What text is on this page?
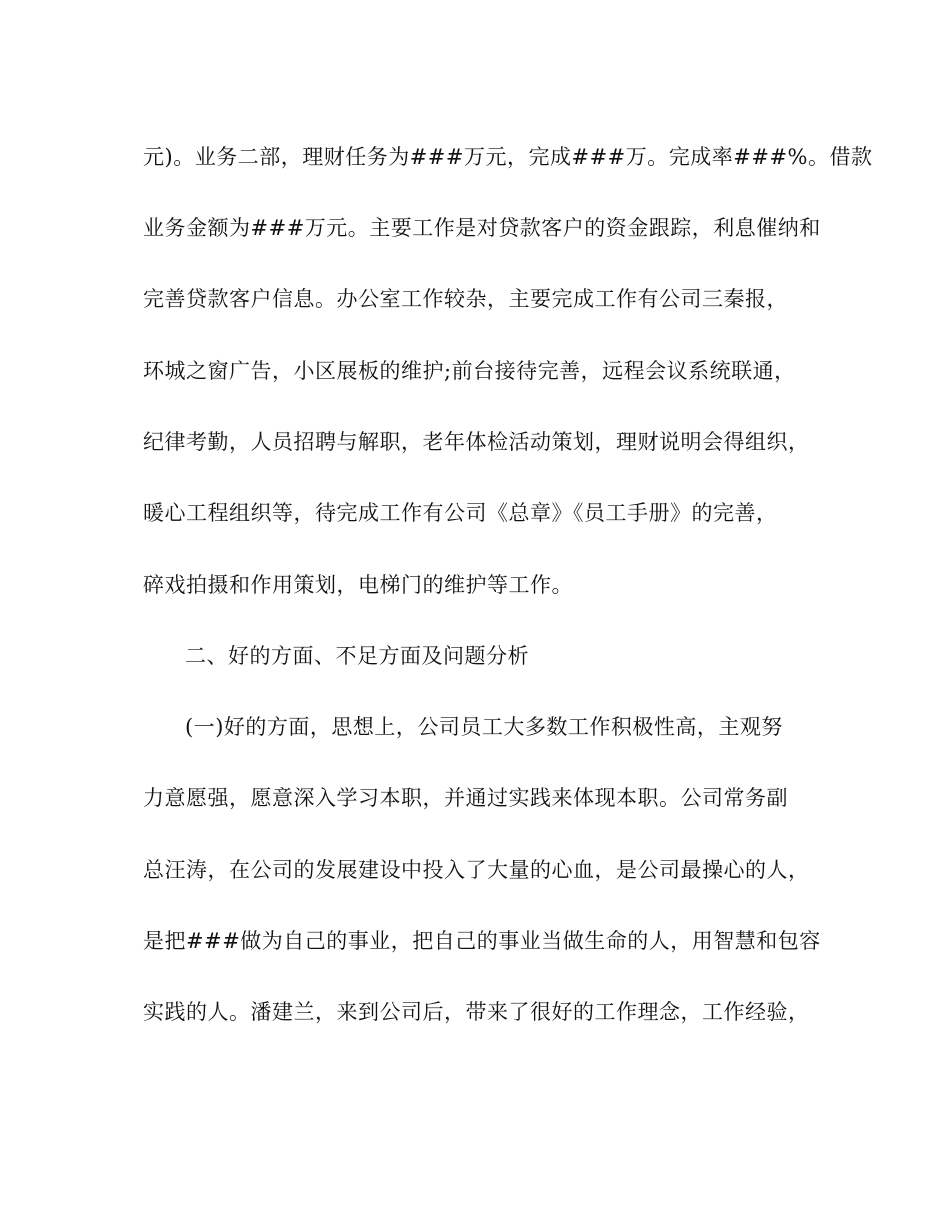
元)。业务二部，理财任务为###万元，完成###万。完成率###%。借款
业务金额为###万元。主要工作是对贷款客户的资金跟踪，利息催纳和
完善贷款客户信息。办公室工作较杂，主要完成工作有公司三秦报，
环城之窗广告，小区展板的维护;前台接待完善，远程会议系统联通，
纪律考勤，人员招聘与解职，老年体检活动策划，理财说明会得组织，
暖心工程组织等，待完成工作有公司《总章》《员工手册》的完善，
碎戏拍摄和作用策划，电梯门的维护等工作。
二、好的方面、不足方面及问题分析
(一)好的方面，思想上，公司员工大多数工作积极性高，主观努
力意愿强，愿意深入学习本职，并通过实践来体现本职。公司常务副
总汪涛，在公司的发展建设中投入了大量的心血，是公司最操心的人，
是把###做为自己的事业，把自己的事业当做生命的人，用智慧和包容
实践的人。潘建兰，来到公司后，带来了很好的工作理念，工作经验，
